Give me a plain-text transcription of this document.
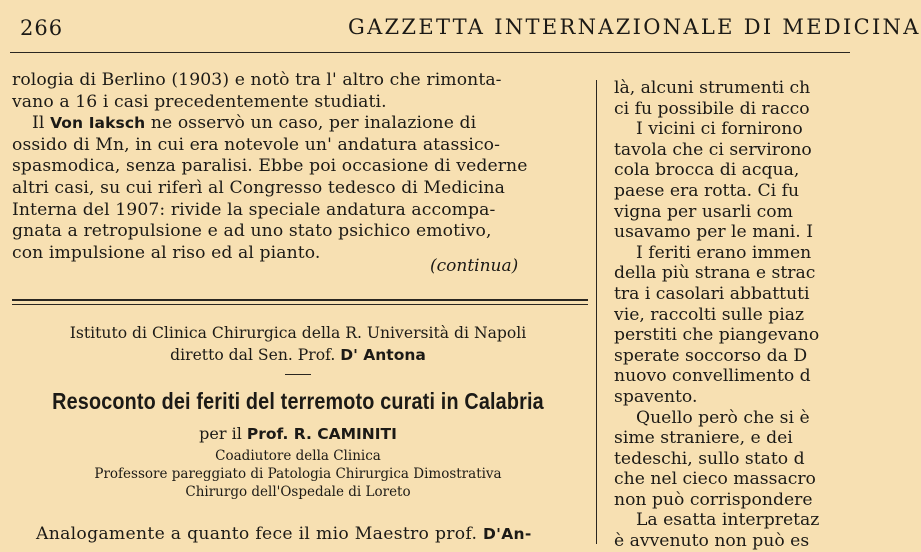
266	GAZZETTA INTERNAZIONALE DI MEDICINA
rologia di Berlino (1903) e notò tra l' altro che rimonta-
vano a 16 i casi precedentemente studiati.
Il Von Iaksch ne osservò un caso, per inalazione di
ossido di Mn, in cui era notevole un' andatura atassico-
spasmodica, senza paralisi. Ebbe poi occasione di vederne
altri casi, su cui riferì al Congresso tedesco di Medicina
Interna del 1907: rivide la speciale andatura accompa-
gnata a retropulsione e ad uno stato psichico emotivo,
con impulsione al riso ed al pianto.
(continua)
Istituto di Clinica Chirurgica della R. Università di Napoli
diretto dal Sen. Prof. D' Antona
Resoconto dei feriti del terremoto curati in Calabria
per il Prof. R. CAMINITI
Coadiutore della Clinica
Professore pareggiato di Patologia Chirurgica Dimostrativa
Chirurgo dell'Ospedale di Loreto
Analogamente a quanto fece il mio Maestro prof. D'An-
là, alcuni strumenti ch
ci fu possibile di racco
I vicini ci fornirono
tavola che ci servirono
cola brocca di acqua,
paese era rotta. Ci fu
vigna per usarli com
usavamo per le mani. I
I feriti erano immen
della più strana e strac
tra i casolari abbattuti
vie, raccolti sulle piaz
perstiti che piangevano
sperate soccorso da D
nuovo convellimento d
spavento.
Quello però che si è
sime straniere, e dei
tedeschi, sullo stato d
che nel cieco massacro
non può corrispondere
La esatta interpretaz
è avvenuto non può es
